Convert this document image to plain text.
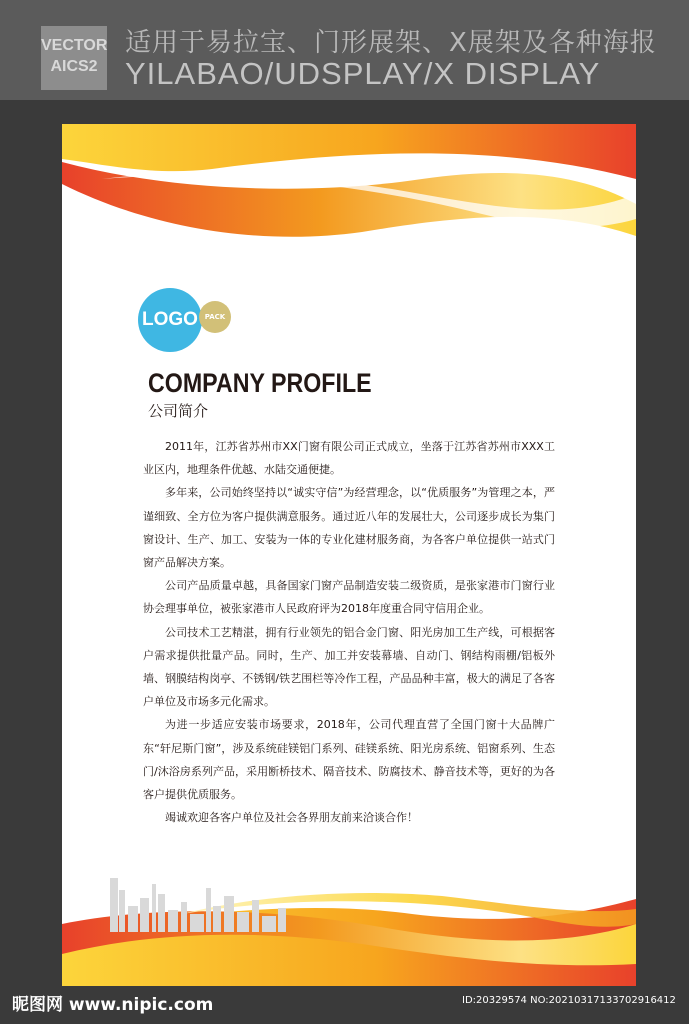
VECTOR
AICS2
适用于易拉宝、门形展架、X展架及各种海报
YILABAO/UDSPLAY/X DISPLAY
LOGO PACK
COMPANY PROFILE
公司简介

2011年，江苏省苏州市XX门窗有限公司正式成立，坐落于江苏省苏州市XXX工业区内，地理条件优越、水陆交通便捷。

多年来，公司始终坚持以“诚实守信”为经营理念，以“优质服务”为管理之本，严谨细致、全方位为客户提供满意服务。通过近八年的发展壮大，公司逐步成长为集门窗设计、生产、加工、安装为一体的专业化建材服务商，为各客户单位提供一站式门窗产品解决方案。

公司产品质量卓越，具备国家门窗产品制造安装二级资质，是张家港市门窗行业协会理事单位，被张家港市人民政府评为2018年度重合同守信用企业。

公司技术工艺精湛，拥有行业领先的铝合金门窗、阳光房加工生产线，可根据客户需求提供批量产品。同时，生产、加工并安装幕墙、自动门、钢结构雨棚/铝板外墙、钢膜结构岗亭、不锈钢/铁艺围栏等冷作工程，产品品种丰富，极大的满足了各客户单位及市场多元化需求。

为进一步适应安装市场要求，2018年，公司代理直营了全国门窗十大品牌广东“轩尼斯门窗”，涉及系统硅镁铝门系列、硅镁系统、阳光房系统、铝窗系列、生态门/沐浴房系列产品，采用断桥技术、隔音技术、防腐技术、静音技术等，更好的为各客户提供优质服务。

竭诚欢迎各客户单位及社会各界朋友前来洽谈合作！

昵图网 www.nipic.com	ID:20329574 NO:20210317133702916412
